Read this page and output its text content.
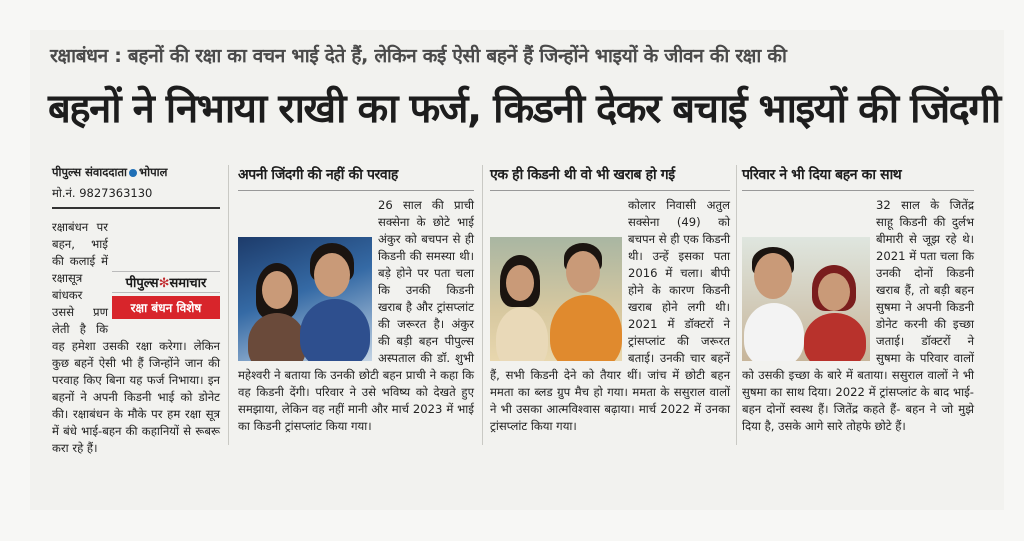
रक्षाबंधन : बहनों की रक्षा का वचन भाई देते हैं, लेकिन कई ऐसी बहनें हैं जिन्होंने भाइयों के जीवन की रक्षा की
बहनों ने निभाया राखी का फर्ज, किडनी देकर बचाई भाइयों की जिंदगी
पीपुल्स संवाददाता भोपाल
मो.नं. 9827363130
पीपुल्स✻समाचार
रक्षा बंधन विशेष

रक्षाबंधन पर बहन, भाई की कलाई में रक्षासूत्र बांधकर उससे प्रण लेती है कि वह हमेशा उसकी रक्षा करेगा। लेकिन कुछ बहनें ऐसी भी हैं जिन्होंने जान की परवाह किए बिना यह फर्ज निभाया। इन बहनों ने अपनी किडनी भाई को डोनेट की। रक्षाबंधन के मौके पर हम रक्षा सूत्र में बंधे भाई-बहन की कहानियों से रूबरू करा रहे हैं।

अपनी जिंदगी की नहीं की परवाह

26 साल की प्राची सक्सेना के छोटे भाई अंकुर को बचपन से ही किडनी की समस्या थी। बड़े होने पर पता चला कि उनकी किडनी खराब है और ट्रांसप्लांट की जरूरत है। अंकुर की बड़ी बहन पीपुल्स अस्पताल की डॉ. शुभी महेश्वरी ने बताया कि उनकी छोटी बहन प्राची ने कहा कि वह किडनी देंगी। परिवार ने उसे भविष्य को देखते हुए समझाया, लेकिन वह नहीं मानी और मार्च 2023 में भाई का किडनी ट्रांसप्लांट किया गया।

एक ही किडनी थी वो भी खराब हो गई

कोलार निवासी अतुल सक्सेना (49) को बचपन से ही एक किडनी थी। उन्हें इसका पता 2016 में चला। बीपी होने के कारण किडनी खराब होने लगी थी। 2021 में डॉक्टरों ने ट्रांसप्लांट की जरूरत बताई। उनकी चार बहनें हैं, सभी किडनी देने को तैयार थीं। जांच में छोटी बहन ममता का ब्लड ग्रुप मैच हो गया। ममता के ससुराल वालों ने भी उसका आत्मविश्वास बढ़ाया। मार्च 2022 में उनका ट्रांसप्लांट किया गया।

परिवार ने भी दिया बहन का साथ

32 साल के जितेंद्र साहू किडनी की दुर्लभ बीमारी से जूझ रहे थे। 2021 में पता चला कि उनकी दोनों किडनी खराब हैं, तो बड़ी बहन सुषमा ने अपनी किडनी डोनेट करनी की इच्छा जताई। डॉक्टरों ने सुषमा के परिवार वालों को उसकी इच्छा के बारे में बताया। ससुराल वालों ने भी सुषमा का साथ दिया। 2022 में ट्रांसप्लांट के बाद भाई-बहन दोनों स्वस्थ हैं। जितेंद्र कहते हैं- बहन ने जो मुझे दिया है, उसके आगे सारे तोहफे छोटे हैं।
